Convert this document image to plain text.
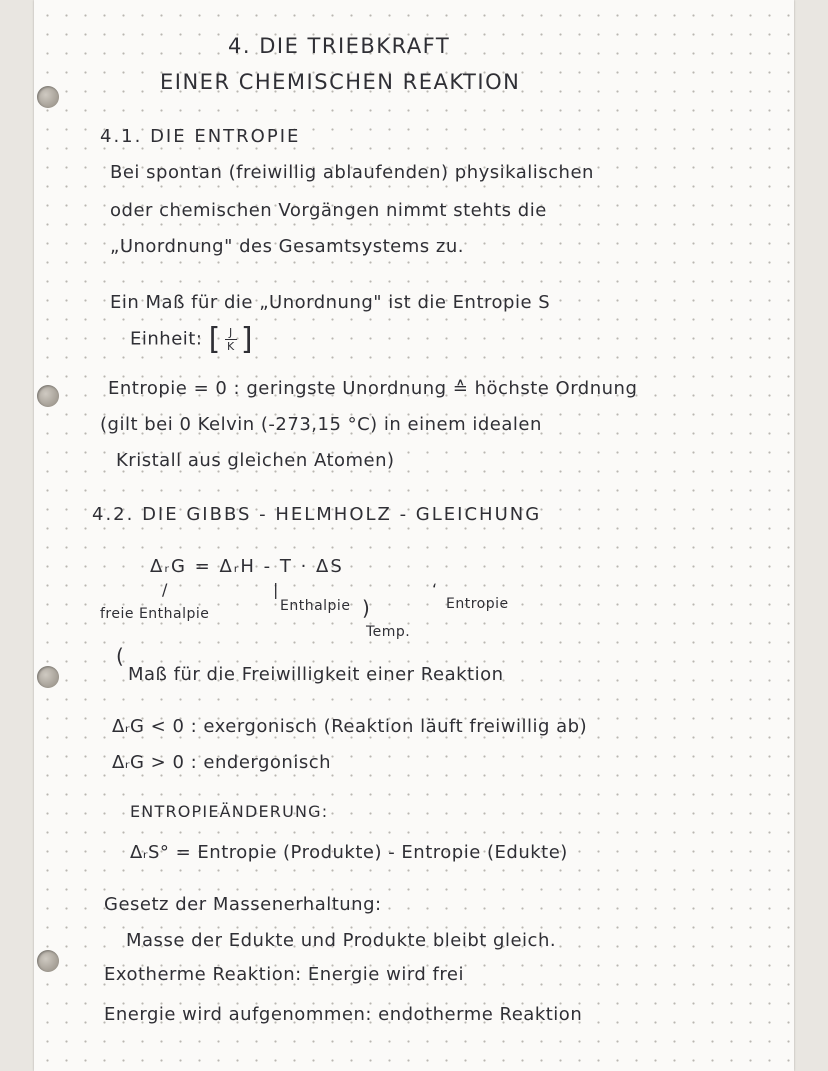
4. DIE TRIEBKRAFT
EINER CHEMISCHEN REAKTION
4.1. DIE ENTROPIE
Bei spontan (freiwillig ablaufenden) physikalischen
oder chemischen Vorgängen nimmt stehts die
„Unordnung" des Gesamtsystems zu.
Ein Maß für die „Unordnung" ist die Entropie S
Einheit: [ $\frac{J}{K}$ ]
Entropie = 0 : geringste Unordnung ≙ höchste Ordnung
(gilt bei 0 Kelvin (-273,15 °C) in einem idealen
Kristall aus gleichen Atomen)
4.2. DIE GIBBS - HELMHOLZ - GLEICHUNG
ΔᵣG = ΔᵣH - T · ΔS
/	|	‘
)
freie Enthalpie	Enthalpie
Temp.
Entropie
(
Maß für die Freiwilligkeit einer Reaktion
ΔᵣG < 0 : exergonisch (Reaktion läuft freiwillig ab)
ΔᵣG > 0 : endergonisch
ENTROPIEÄNDERUNG:
ΔᵣS° = Entropie (Produkte) - Entropie (Edukte)
Gesetz der Massenerhaltung:
Masse der Edukte und Produkte bleibt gleich.
Exotherme Reaktion: Energie wird frei
Energie wird aufgenommen: endotherme Reaktion
